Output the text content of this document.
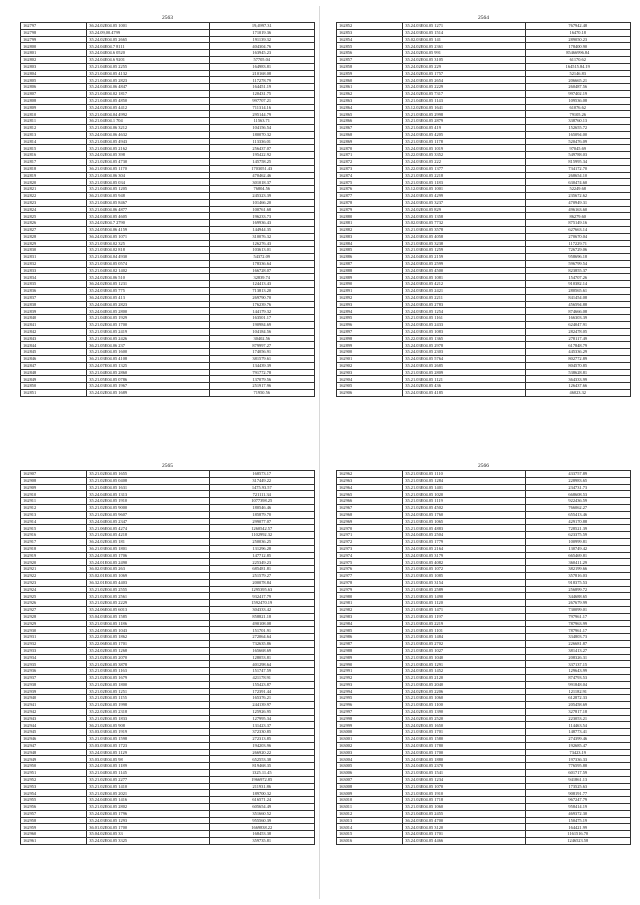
2563
162797	36.24.02E04.05 1001	19,4997.31
162798	35.24.09,00.4799	171019.36
162799	35.24.02E04.05 2665	191139.32
162800	35.24.04E04.7 8111	404304.76
162801	35.24.04E04.6 0520	163945.23
162802	35.24.04E04.6 9201	57705.04
162803	35.21.04E04.05 2255	164983.81
162804	35.21.04E04.05 4132	210168.08
162805	35.21.04E04.05 2823	117278.79
162806	35.24.04E04.06 4847	164451.19
162807	35.21.04E04.02 1817	120431.75
162808	35.21.04E04.05 4850	997707.21
162809	35.24.02E04.05 4412	711314.16
162810	35.21.04E04.04 4992	295144.79
162811	36.21.04E04.1 704	11563.71
162812	35.21.04E04.06 3212	104156.54
162813	35.24.04E04.06 4632	180070.32
162814	35.21.04E04.05 4943	113336.01
162815	35.21.04E04.05 2162	256437.07
162816	35.24.02E04.05 398	195422.92
162817	35.21.02E04.05 4730	145758.25
162818	36.21.03E04.05 1170	1703051.43
162819	35.21.04E04.06 304	470462.46
162820	35.21.03E04.05 034	301018.37
162821	35.21.04E04.05 1205	76804.56
162822	36.21.03E04.05 948	245323.39
162823	35.21.04E04.05 8467	101466.20
162824	35.21.04E04.06 4877	100761.68
162825	35.24.04E04.05 4605	196233.73
162826	35.24.02E04.7 2790	169936.43
162827	35.24.05E04.06 4159	144944.35
162828	36.24.02E04.05 1071	310076.32
162829	35.21.03E04.02 325	126276.43
162830	35.21.03E04.02 818	103613.01
162831	35.21.04E04.04 4930	54372.09
162832	35.21.03E04.05 0574	178336.64
162833	35.21.04E04.02 1402	166728.07
162834	35.24.02E04.06 510	32839.74
162835	36.24.02E04.05 1231	124413.43
162836	35.24.03E04.05 775	713813.20
162837	36.24.02E04.05 413	269790.70
162838	35.24.04E04.05 2823	176239.76
162839	35.24.04E04.05 2800	144179.32
162840	35.21.04E04.05 1929	163501.17
162841	35.21.02E04.05 1700	190984.69
162842	35.21.03E04.05 2419	104184.56
162843	35.21.03E04.05 2426	30402.56
162844	36.21.05E04.06 237	879997.27
162845	35.21.04E04.05 1600	174056.91
162846	36.21.03E04.05 4108	381579.61
162847	35.24.07E04.05 1325	134439.39
162848	35.21.04E04.05 2860	791772.78
162849	35.21.05E04.05 0786	137079.56
162850	35.24.03E04.05 1967	251917.96
162851	35.24.02E04.05 1689	71950.56
2564
162852	35.24.03E04.05 1271	767942.48
162853	35.24.03E04.05 1514	16470.18
162854	35.02.03E04.05 141	289050.23
162855	35.24.02E04.05 2361	178400.90
162856	35.24.02E04.05 991	85466996.84
162857	35.24.02E04.05 3105	61170.62
162858	35.24.02E04.05 229	164515.84.19
162859	35.24.02E04.05 1757	52146.83
162860	35.24.03E04.05 2654	206665.21
162861	35.24.03E04.05 2229	260487.56
162862	35.24.02E04.05 7317	997402.19
162863	35.21.04E04.05 1143	109536.08
162864	35.12.02E04.05 1641	61076.62
162865	35.21.03E04.05 2998	79105.26
162866	35.21.03E04.05 2879	338760.13
162867	35.21.04E04.05 419	152655.72
162868	35.24.03E04.05 4205	165094.00
162869	35.21.03E04.05 1178	520476.09
162870	35.24.03E04.05 1019	97045.69
162871	35.22.03E04.05 3352	549788.03
162872	35.24.03E04.05 222	815995.34
162873	35.22.03E04.05 1377	734172.70
162874	35.21.03E04.05 2218	268654.10
162875	35.21.03E04.05 1183	630474.60
162876	35.12.03E04.05 1001	52249.68
162877	35.24.03E04.05 4299	235672.62
162878	35.24.03E04.05 3237	470949.31
162879	35.24.02E04.05 829	496163.60
162880	35.24.03E04.05 1358	86279.60
162881	35.02.03E04.05 7732	875149.16
162882	35.21.03E04.05 3578	627663.14
162883	35.24.03E04.05 4058	270670.04
162884	35.21.03E04.05 3238	117229.71
162885	35.21.03E04.05 1259	726729.06
162886	35.24.04E04.05 2159	958696.18
162887	35.24.03E04.05 2599	596799.54
162888	35.24.03E04.05 4500	823855.37
162889	35.24.03E04.05 1081	154707.26
162890	35.24.03E04.05 4212	910382.14
162891	35.24.03E04.05 2421	280565.61
162892	35.24.03E04.05 2211	841454.08
162893	35.24.03E04.05 2783	456594.88
162894	35.24.03E04.05 1254	874666.08
162895	35.21.03E04.05 1161	166303.39
162896	35.24.03E04.05 2433	624047.91
162897	35.24.03E04.05 1083	282478.05
162898	35.22.03E04.05 1365	278117.49
162899	35.24.03E04.05 2978	617848.79
162900	35.24.03E04.05 2303	445336.29
162901	35.24.03E04.05 5764	802772.89
162902	35.24.03E04.05 2685	804570.85
162903	35.21.03E04.05 2809	538628.81
162904	35.21.03E04.05 1121	364333.99
162905	35.24.02E04.05 436	126437.66
162906	35.24.03E04.05 4185	46023.32
2565
162907	35.21.02E04.05 1655	168573.17
162908	35.21.02E04.05 0408	317449.22
162909	35.21.04E04.05 1631	1475.93.57
162910	35.24.04E04.05 1313	721111.34
162911	35.24.02E04.05 1910	1077398.25
162912	35.21.02E04.05 9000	180546.46
162913	35.21.02E04.05 9607	185879.70
162914	35.24.04E04.05 2347	299077.07
162915	35.21.06E04.05 4274	1260542.57
162916	35.21.02E04.05 4218	1102992.32
162917	36.24.02E04.05 181	250036.25
162918	36.21.03E04.05 1801	131296.28
162919	35.24.03E04.05 1706	147712.85
162920	35.24.01E04.05 2490	225349.23
162921	36.02.03E04.05 263	685481.81
162922	35.02.01E04.05 1069	251579.27
162923	36.32.01E04.05 4403	200078.84
162924	35.21.02E04.05 2555	1295395.63
162925	35.21.02E04.05 2561	932417.79
162926	35.21.02E04.05 2229	1592470.19
162927	35.24.06E04.05 6013	304333.42
162928	35.04.03E04.05 1585	858821.18
162929	35.21.03E04.05 1186	490108.08
162930	35.24.05E04.05 1043	151701.91
162931	35.22.03E04.05 1862	272064.64
162932	35.22.06E04.05 1701	732635.86
162933	35.24.02E04.05 1268	165668.69
162934	35.21.02E04.05 2070	128053.81
162935	35.21.02E04.05 3878	401298.64
162936	35.21.03E04.05 1163	151747.59
162937	35.21.02E04.05 1679	421178.91
162938	35.21.02E04.05 1800	155423.87
162939	35.21.02E04.05 1251	172391.44
162940	35.21.02E04.05 1155	165376.21
162941	35.21.02E04.05 1998	244139.97
162942	35.22.02E04.05 2318	125926.95
162943	35.21.02E04.05 1833	127995.34
162944	36.21.02E04.05 908	131423.37
162945	35.03.03E04.05 1919	372330.85
162946	35.21.03E04.05 1598	272313.85
162947	35.03.03E04.05 1723	194203.96
162948	35.24.03E04.05 1129	266920.22
162949	35.03.03E04.05 98	652553.38
162950	35.24.03E04.05 1189	819468.35
162951	35.21.04E04.05 1145	1325.11.45
162952	35.21.02E04.05 2277	1966972.85
162953	35.21.02E04.05 1410	211931.86
162954	35.21.02E04.05 2021	189700.32
162955	35.24.04E04.05 1416	616571.24
162956	35.21.02E04.05 2802	605654.49
162957	35.24.02E04.05 1796	351660.52
162958	35.24.03E04.05 1293	955560.39
162959	36.01.02E04.05 1700	1669838.22
162960	35.04.02E04.05 33	168453.38
162961	35.24.02E04.05 3325	359735.81
2566
162962	35.21.03E04.05 1110	433757.89
162963	35.21.03E04.05 1284	228983.65
162964	35.21.03E04.05 1401	234731.73
162965	35.21.03E04.05 1020	668608.53
162966	35.21.03E04.05 1119	922436.59
162967	35.21.02E04.05 4502	766062.27
162968	35.24.03E04.05 1760	655413.46
162969	35.21.03E04.05 1065	429170.88
162970	35.21.03E04.05 4883	728521.39
162971	35.24.04E04.05 2504	623375.59
162972	35.21.03E04.05 1779	100999.81
162973	35.24.03E04.05 2164	130749.42
162974	35.24.03E04.05 3179	665469.81
162975	35.21.03E04.05 4082	360411.29
162976	35.21.03E04.05 1072	382199.66
162977	35.21.03E04.05 1085	357816.03
162978	35.21.03E04.05 3154	918375.53
162979	35.21.03E04.05 2589	256899.72
162980	35.21.03E04.05 1490	344688.65
162981	35.21.03E04.05 1120	267679.99
162982	35.21.03E04.05 1471	730099.01
162983	35.21.03E04.05 1197	797961.17
162984	35.21.03E04.05 2219	787963.99
162985	35.21.03E04.05 1101	787961.17
162986	35.21.03E04.05 1484	334803.73
162987	35.21.03E04.05 2702	226681.87
162988	35.21.03E04.05 1027	381413.27
162989	35.21.03E04.05 1040	208326.31
162990	35.21.03E04.05 1291	337137.15
162991	35.24.03E04.05 1452	129643.99
162992	35.21.03E04.05 2120	874793.53
162993	35.21.03E04.05 2040	991848.04
162994	35.24.02E04.05 2206	121182.91
162995	35.21.03E04.05 1060	612872.33
162996	35.21.03E04.05 1100	205458.69
162997	35.24.02E04.05 1390	327817.18
162998	35.24.02E04.05 2520	223053.21
162999	35.24.02E04.05 1650	114463.54
163000	35.21.03E04.05 1701	148773.41
163001	35.24.03E04.05 1580	274399.46
163002	35.24.03E04.05 1780	192685.47
163003	35.24.03E04.05 1700	73423.19
163004	35.24.03E04.05 1880	197336.33
163005	35.24.04E04.05 2370	776595.88
163006	35.21.03E04.05 1541	601717.59
163007	35.24.03E04.05 1234	941861.13
163008	35.21.03E04.05 1070	173525.63
163009	35.21.03E04.05 1910	908191.77
163010	35.21.02E04.05 1718	967247.79
163011	35.21.03E04.05 1060	958414.19
163012	35.21.04E04.05 2455	469372.30
163013	36.24.03E04.05 4700	150475.19
163014	35.24.03E04.05 3120	164421.99
163015	35.24.03E04.05 1701	1161516.70
163016	35.24.03E04.05 4466	1246523.58
